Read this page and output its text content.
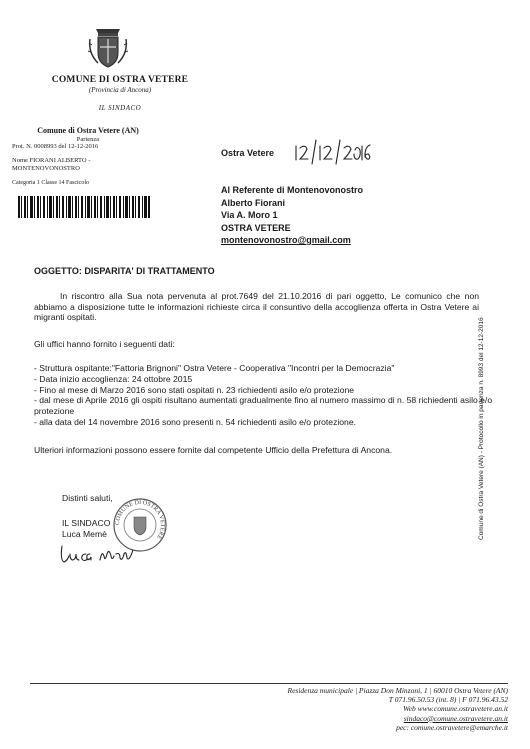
COMUNE DI OSTRA VETERE
(Provincia di Ancona)
IL SINDACO
Comune di Ostra Vetere (AN)
Partenza
Prot. N. 0008993 del 12-12-2016
Nome FIORANI ALBERTO -
MONTENOVONOSTRO
Categoria 1 Classe 14 Fascicolo
Ostra Vetere
Al Referente di Montenovonostro
Alberto Fiorani
Via A. Moro 1
OSTRA VETERE
montenovonostro@gmail.com
OGGETTO: DISPARITA' DI TRATTAMENTO
In riscontro alla Sua nota pervenuta al prot.7649 del 21.10.2016 di pari oggetto, Le comunico che non abbiamo a disposizione tutte le informazioni richieste circa il consuntivo della accoglienza offerta in Ostra Vetere ai migranti ospitati.
Gli uffici hanno fornito i seguenti dati:
- Struttura ospitante:"Fattoria Brignoni" Ostra Vetere - Cooperativa "Incontri per la Democrazia"
- Data inizio accoglienza: 24 ottobre 2015
- Fino al mese di Marzo 2016 sono stati ospitati n. 23 richiedenti asilo e/o protezione
- dal mese di Aprile 2016 gli ospiti risultano aumentati gradualmente fino al numero massimo di n. 58 richiedenti asilo e/o protezione
- alla data del 14 novembre 2016 sono presenti n. 54 richiedenti asilo e/o protezione.
Ulteriori informazioni possono essere fornite dal competente Ufficio della Prefettura di Ancona.
Distinti saluti,
IL SINDACO
Luca Memè
COMUNE DI OSTRA VETERE	Comune di Ostra Vetere (AN) - Protocollo in partenza n. 8993 del 12-12-2016
Residenza municipale | Piazza Don Minzoni, 1 | 60010 Ostra Vetere (AN)
T 071.96.50.53 (int. 8) | F 071.96.43.52
Web www.comune.ostravetere.an.it
sindaco@comune.ostravetere.an.it
pec: comune.ostravetere@emarche.it
